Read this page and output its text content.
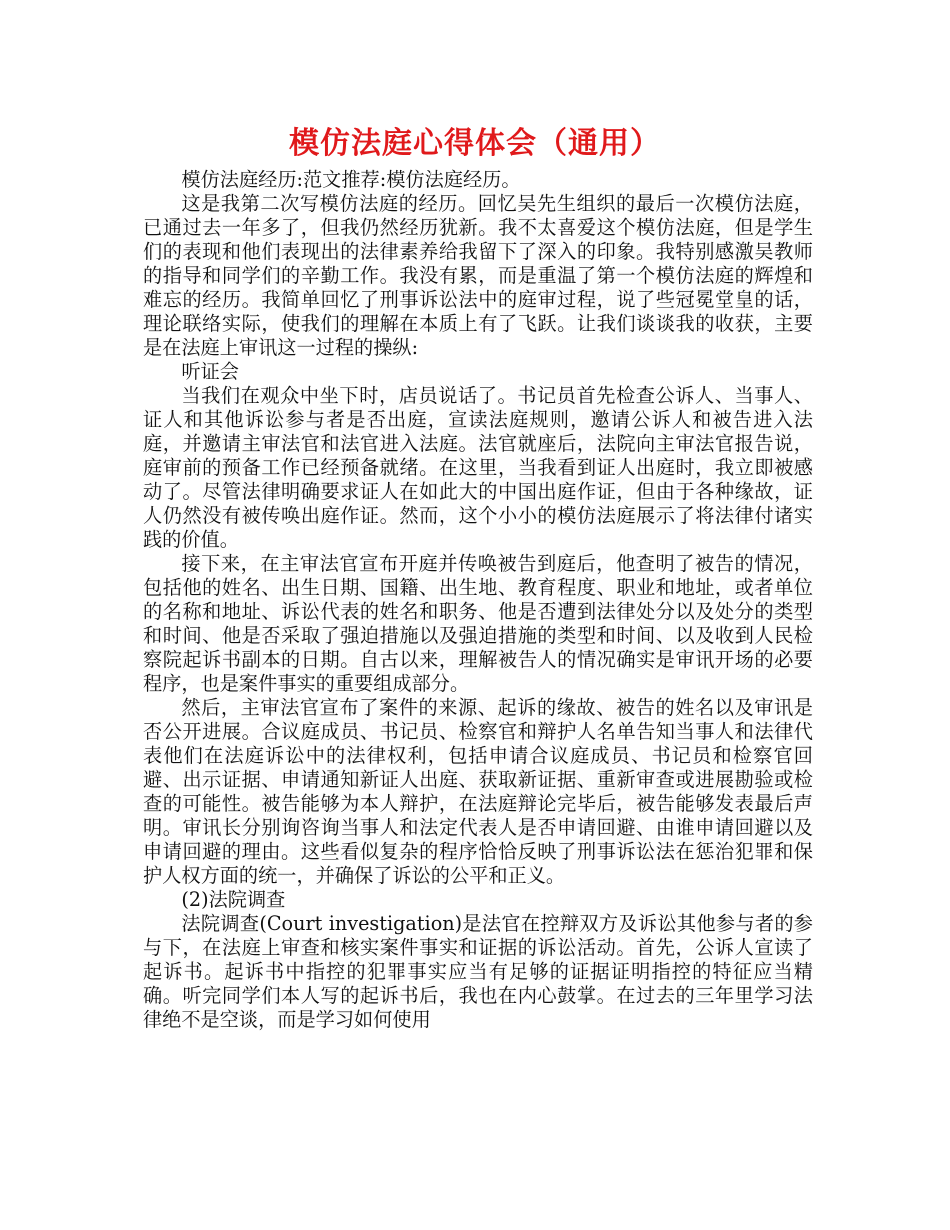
模仿法庭心得体会（通用）

模仿法庭经历:范文推荐:模仿法庭经历。

这是我第二次写模仿法庭的经历。回忆吴先生组织的最后一次模仿法庭，已通过去一年多了，但我仍然经历犹新。我不太喜爱这个模仿法庭，但是学生们的表现和他们表现出的法律素养给我留下了深入的印象。我特别感激吴教师的指导和同学们的辛勤工作。我没有累，而是重温了第一个模仿法庭的辉煌和难忘的经历。我简单回忆了刑事诉讼法中的庭审过程，说了些冠冕堂皇的话，理论联络实际，使我们的理解在本质上有了飞跃。让我们谈谈我的收获，主要是在法庭上审讯这一过程的操纵:

听证会

当我们在观众中坐下时，店员说话了。书记员首先检查公诉人、当事人、证人和其他诉讼参与者是否出庭，宣读法庭规则，邀请公诉人和被告进入法庭，并邀请主审法官和法官进入法庭。法官就座后，法院向主审法官报告说，庭审前的预备工作已经预备就绪。在这里，当我看到证人出庭时，我立即被感动了。尽管法律明确要求证人在如此大的中国出庭作证，但由于各种缘故，证人仍然没有被传唤出庭作证。然而，这个小小的模仿法庭展示了将法律付诸实践的价值。

接下来，在主审法官宣布开庭并传唤被告到庭后，他查明了被告的情况，包括他的姓名、出生日期、国籍、出生地、教育程度、职业和地址，或者单位的名称和地址、诉讼代表的姓名和职务、他是否遭到法律处分以及处分的类型和时间、他是否采取了强迫措施以及强迫措施的类型和时间、以及收到人民检察院起诉书副本的日期。自古以来，理解被告人的情况确实是审讯开场的必要程序，也是案件事实的重要组成部分。

然后，主审法官宣布了案件的来源、起诉的缘故、被告的姓名以及审讯是否公开进展。合议庭成员、书记员、检察官和辩护人名单告知当事人和法律代表他们在法庭诉讼中的法律权利，包括申请合议庭成员、书记员和检察官回避、出示证据、申请通知新证人出庭、获取新证据、重新审查或进展勘验或检查的可能性。被告能够为本人辩护，在法庭辩论完毕后，被告能够发表最后声明。审讯长分别询咨询当事人和法定代表人是否申请回避、由谁申请回避以及申请回避的理由。这些看似复杂的程序恰恰反映了刑事诉讼法在惩治犯罪和保护人权方面的统一，并确保了诉讼的公平和正义。

(2)法院调查

法院调查(Court investigation)是法官在控辩双方及诉讼其他参与者的参与下，在法庭上审查和核实案件事实和证据的诉讼活动。首先，公诉人宣读了起诉书。起诉书中指控的犯罪事实应当有足够的证据证明指控的特征应当精确。听完同学们本人写的起诉书后，我也在内心鼓掌。在过去的三年里学习法律绝不是空谈，而是学习如何使用
